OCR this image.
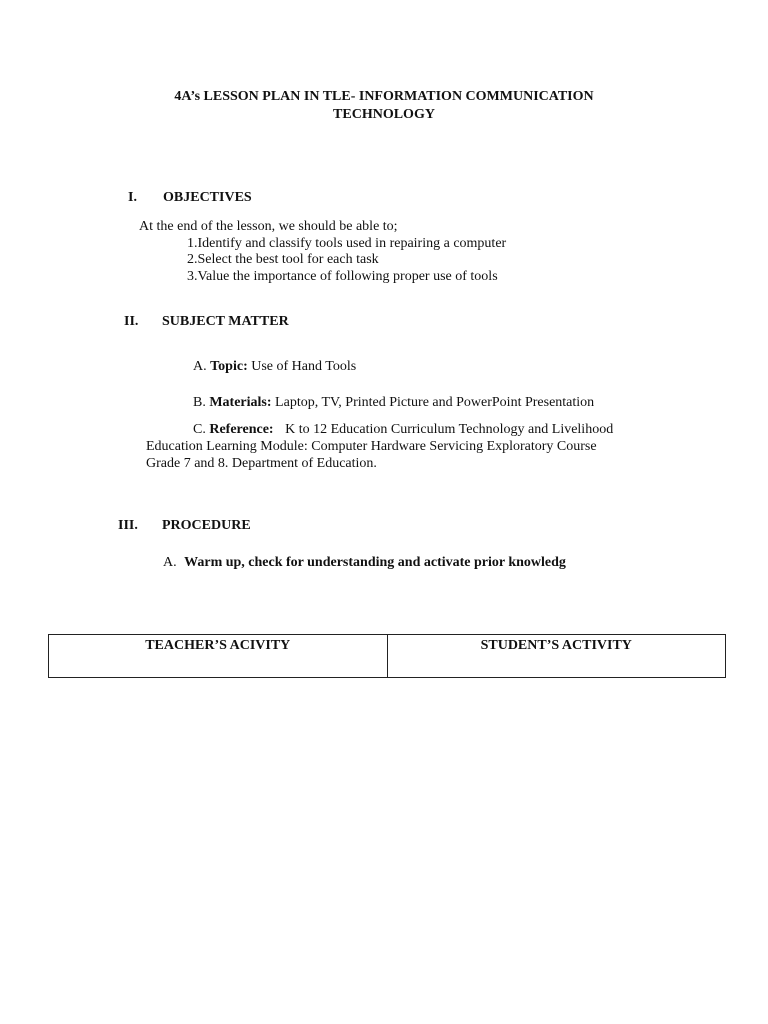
4A’s LESSON PLAN IN TLE- INFORMATION COMMUNICATION
TECHNOLOGY
I. OBJECTIVES
At the end of the lesson, we should be able to;
1.Identify and classify tools used in repairing a computer
2.Select the best tool for each task
3.Value the importance of following proper use of tools
II. SUBJECT MATTER
A. Topic: Use of Hand Tools
B. Materials: Laptop, TV, Printed Picture and PowerPoint Presentation
C. Reference: K to 12 Education Curriculum Technology and Livelihood
Education Learning Module: Computer Hardware Servicing Exploratory Course
Grade 7 and 8. Department of Education.
III. PROCEDURE
A. Warm up, check for understanding and activate prior knowledg
TEACHER’S ACIVITY	STUDENT’S ACTIVITY
